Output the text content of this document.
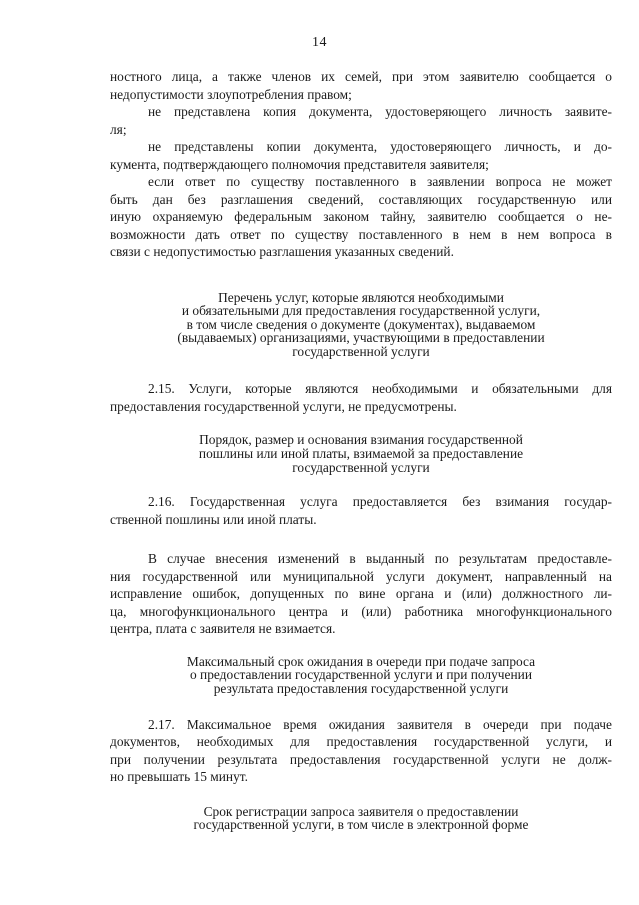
14
ностного лица, а также членов их семей, при этом заявителю сообщается о
недопустимости злоупотребления правом;
не представлена копия документа, удостоверяющего личность заявите-
ля;
не представлены копии документа, удостоверяющего личность, и до-
кумента, подтверждающего полномочия представителя заявителя;
если ответ по существу поставленного в заявлении вопроса не может
быть дан без разглашения сведений, составляющих государственную или
иную охраняемую федеральным законом тайну, заявителю сообщается о не-
возможности дать ответ по существу поставленного в нем в нем вопроса в
связи с недопустимостью разглашения указанных сведений.
Перечень услуг, которые являются необходимыми
и обязательными для предоставления государственной услуги,
в том числе сведения о документе (документах), выдаваемом
(выдаваемых) организациями, участвующими в предоставлении
государственной услуги
2.15. Услуги, которые являются необходимыми и обязательными для
предоставления государственной услуги, не предусмотрены.
Порядок, размер и основания взимания государственной
пошлины или иной платы, взимаемой за предоставление
государственной услуги
2.16. Государственная услуга предоставляется без взимания государ-
ственной пошлины или иной платы.
В случае внесения изменений в выданный по результатам предоставле-
ния государственной или муниципальной услуги документ, направленный на
исправление ошибок, допущенных по вине органа и (или) должностного ли-
ца, многофункционального центра и (или) работника многофункционального
центра, плата с заявителя не взимается.
Максимальный срок ожидания в очереди при подаче запроса
о предоставлении государственной услуги и при получении
результата предоставления государственной услуги
2.17. Максимальное время ожидания заявителя в очереди при подаче
документов, необходимых для предоставления государственной услуги, и
при получении результата предоставления государственной услуги не долж-
но превышать 15 минут.
Срок регистрации запроса заявителя о предоставлении
государственной услуги, в том числе в электронной форме
